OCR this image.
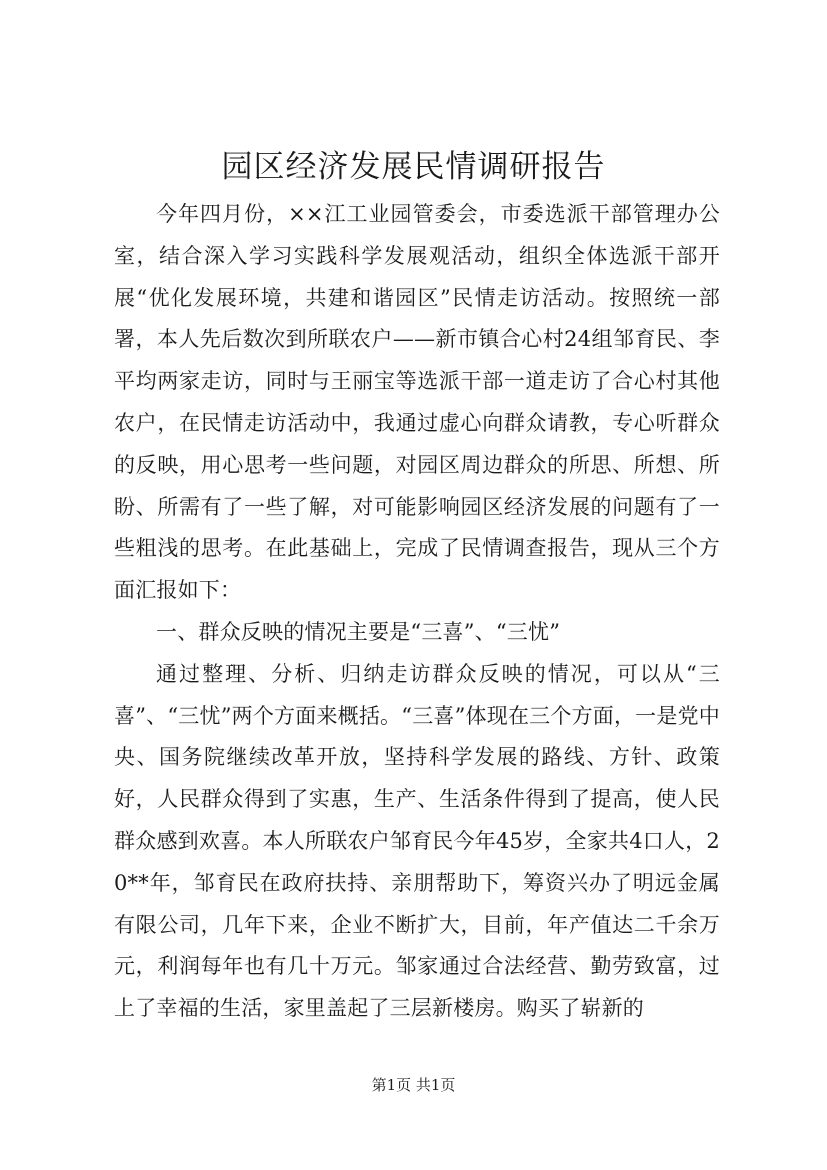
园区经济发展民情调研报告

今年四月份，××江工业园管委会，市委选派干部管理办公室，结合深入学习实践科学发展观活动，组织全体选派干部开展“优化发展环境，共建和谐园区”民情走访活动。按照统一部署，本人先后数次到所联农户——新市镇合心村24组邹育民、李平均两家走访，同时与王丽宝等选派干部一道走访了合心村其他农户，在民情走访活动中，我通过虚心向群众请教，专心听群众的反映，用心思考一些问题，对园区周边群众的所思、所想、所盼、所需有了一些了解，对可能影响园区经济发展的问题有了一些粗浅的思考。在此基础上，完成了民情调查报告，现从三个方面汇报如下：

一、群众反映的情况主要是“三喜”、“三忧”

通过整理、分析、归纳走访群众反映的情况，可以从“三喜”、“三忧”两个方面来概括。“三喜”体现在三个方面，一是党中央、国务院继续改革开放，坚持科学发展的路线、方针、政策好，人民群众得到了实惠，生产、生活条件得到了提高，使人民群众感到欢喜。本人所联农户邹育民今年45岁，全家共4口人，20**年，邹育民在政府扶持、亲朋帮助下，筹资兴办了明远金属有限公司，几年下来，企业不断扩大，目前，年产值达二千余万元，利润每年也有几十万元。邹家通过合法经营、勤劳致富，过上了幸福的生活，家里盖起了三层新楼房。购买了崭新的

第1页 共1页
